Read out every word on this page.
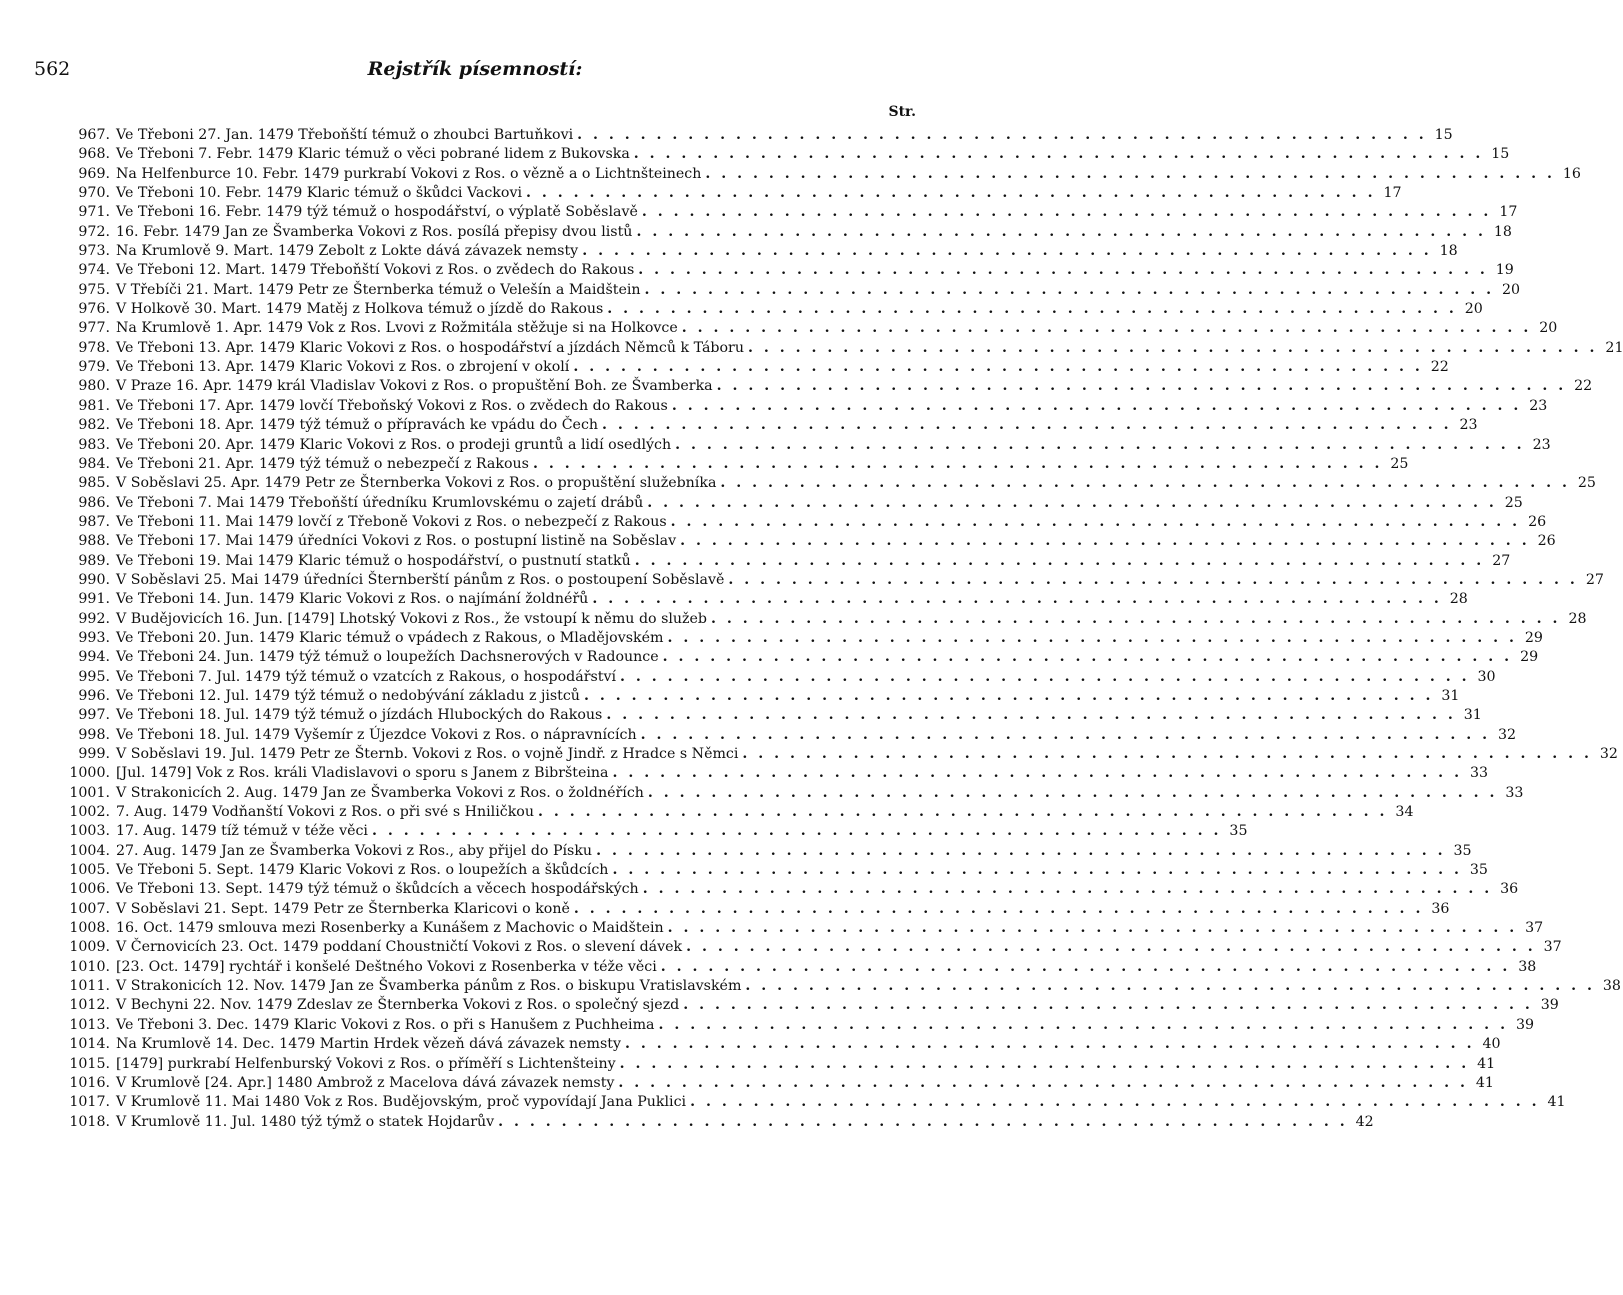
562	Rejstřík písemností:
Str.
967. Ve Třeboni 27. Jan. 1479 Třeboňští témuž o zhoubci Bartuňkovi . . .	15
968. Ve Třeboni 7. Febr. 1479 Klaric témuž o věci pobrané lidem z Bukovska . . .	15
969. Na Helfenburce 10. Febr. 1479 purkrabí Vokovi z Ros. o vězně a o Lichtnšteinech . . .	16
970. Ve Třeboni 10. Febr. 1479 Klaric témuž o škůdci Vackovi . . .	17
971. Ve Třeboni 16. Febr. 1479 týž témuž o hospodářství, o výplatě Soběslavě . . .	17
972. 16. Febr. 1479 Jan ze Švamberka Vokovi z Ros. posílá přepisy dvou listů . . .	18
973. Na Krumlově 9. Mart. 1479 Zebolt z Lokte dává závazek nemsty . . .	18
974. Ve Třeboni 12. Mart. 1479 Třeboňští Vokovi z Ros. o zvědech do Rakous . . .	19
975. V Třebíči 21. Mart. 1479 Petr ze Šternberka témuž o Velešín a Maidštein . . .	20
976. V Holkově 30. Mart. 1479 Matěj z Holkova témuž o jízdě do Rakous . . .	20
977. Na Krumlově 1. Apr. 1479 Vok z Ros. Lvovi z Rožmitála stěžuje si na Holkovce . . .	20
978. Ve Třeboni 13. Apr. 1479 Klaric Vokovi z Ros. o hospodářství a jízdách Němců k Táboru . . .	21
979. Ve Třeboni 13. Apr. 1479 Klaric Vokovi z Ros. o zbrojení v okolí . . .	22
980. V Praze 16. Apr. 1479 král Vladislav Vokovi z Ros. o propuštění Boh. ze Švamberka . . .	22
981. Ve Třeboni 17. Apr. 1479 lovčí Třeboňský Vokovi z Ros. o zvědech do Rakous . . .	23
982. Ve Třeboni 18. Apr. 1479 týž témuž o přípravách ke vpádu do Čech . . .	23
983. Ve Třeboni 20. Apr. 1479 Klaric Vokovi z Ros. o prodeji gruntů a lidí osedlých . . .	23
984. Ve Třeboni 21. Apr. 1479 týž témuž o nebezpečí z Rakous . . .	25
985. V Soběslavi 25. Apr. 1479 Petr ze Šternberka Vokovi z Ros. o propuštění služebníka . . .	25
986. Ve Třeboni 7. Mai 1479 Třeboňští úředníku Krumlovskému o zajetí drábů . . .	25
987. Ve Třeboni 11. Mai 1479 lovčí z Třeboně Vokovi z Ros. o nebezpečí z Rakous . . .	26
988. Ve Třeboni 17. Mai 1479 úředníci Vokovi z Ros. o postupní listině na Soběslav . . .	26
989. Ve Třeboni 19. Mai 1479 Klaric témuž o hospodářství, o pustnutí statků . . .	27
990. V Soběslavi 25. Mai 1479 úředníci Šternberští pánům z Ros. o postoupení Soběslavě . . .	27
991. Ve Třeboni 14. Jun. 1479 Klaric Vokovi z Ros. o najímání žoldnéřů . . .	28
992. V Budějovicích 16. Jun. [1479] Lhotský Vokovi z Ros., že vstoupí k němu do služeb . . .	28
993. Ve Třeboni 20. Jun. 1479 Klaric témuž o vpádech z Rakous, o Mladějovském . . .	29
994. Ve Třeboni 24. Jun. 1479 týž témuž o loupežích Dachsnerových v Radounce . . .	29
995. Ve Třeboni 7. Jul. 1479 týž témuž o vzatcích z Rakous, o hospodářství . . .	30
996. Ve Třeboni 12. Jul. 1479 týž témuž o nedobývání základu z jistců . . .	31
997. Ve Třeboni 18. Jul. 1479 týž témuž o jízdách Hlubockých do Rakous . . .	31
998. Ve Třeboni 18. Jul. 1479 Vyšemír z Újezdce Vokovi z Ros. o nápravnících . . .	32
999. V Soběslavi 19. Jul. 1479 Petr ze Šternb. Vokovi z Ros. o vojně Jindř. z Hradce s Němci . . .	32
1000. [Jul. 1479] Vok z Ros. králi Vladislavovi o sporu s Janem z Bibršteina . . .	33
1001. V Strakonicích 2. Aug. 1479 Jan ze Švamberka Vokovi z Ros. o žoldnéřích . . .	33
1002. 7. Aug. 1479 Vodňanští Vokovi z Ros. o při své s Hniličkou . . .	34
1003. 17. Aug. 1479 tíž témuž v téže věci . . .	35
1004. 27. Aug. 1479 Jan ze Švamberka Vokovi z Ros., aby přijel do Písku . . .	35
1005. Ve Třeboni 5. Sept. 1479 Klaric Vokovi z Ros. o loupežích a škůdcích . . .	35
1006. Ve Třeboni 13. Sept. 1479 týž témuž o škůdcích a věcech hospodářských . . .	36
1007. V Soběslavi 21. Sept. 1479 Petr ze Šternberka Klaricovi o koně . . .	36
1008. 16. Oct. 1479 smlouva mezi Rosenberky a Kunášem z Machovic o Maidštein . . .	37
1009. V Černovicích 23. Oct. 1479 poddaní Choustničtí Vokovi z Ros. o slevení dávek . . .	37
1010. [23. Oct. 1479] rychtář i konšelé Deštného Vokovi z Rosenberka v téže věci . . .	38
1011. V Strakonicích 12. Nov. 1479 Jan ze Švamberka pánům z Ros. o biskupu Vratislavském . . .	38
1012. V Bechyni 22. Nov. 1479 Zdeslav ze Šternberka Vokovi z Ros. o společný sjezd . . .	39
1013. Ve Třeboni 3. Dec. 1479 Klaric Vokovi z Ros. o při s Hanušem z Puchheima . . .	39
1014. Na Krumlově 14. Dec. 1479 Martin Hrdek vězeň dává závazek nemsty . . .	40
1015. [1479] purkrabí Helfenburský Vokovi z Ros. o příměří s Lichtenšteiny . . .	41
1016. V Krumlově [24. Apr.] 1480 Ambrož z Macelova dává závazek nemsty . . .	41
1017. V Krumlově 11. Mai 1480 Vok z Ros. Budějovským, proč vypovídají Jana Puklici . . .	41
1018. V Krumlově 11. Jul. 1480 týž týmž o statek Hojdarův . . .	42
